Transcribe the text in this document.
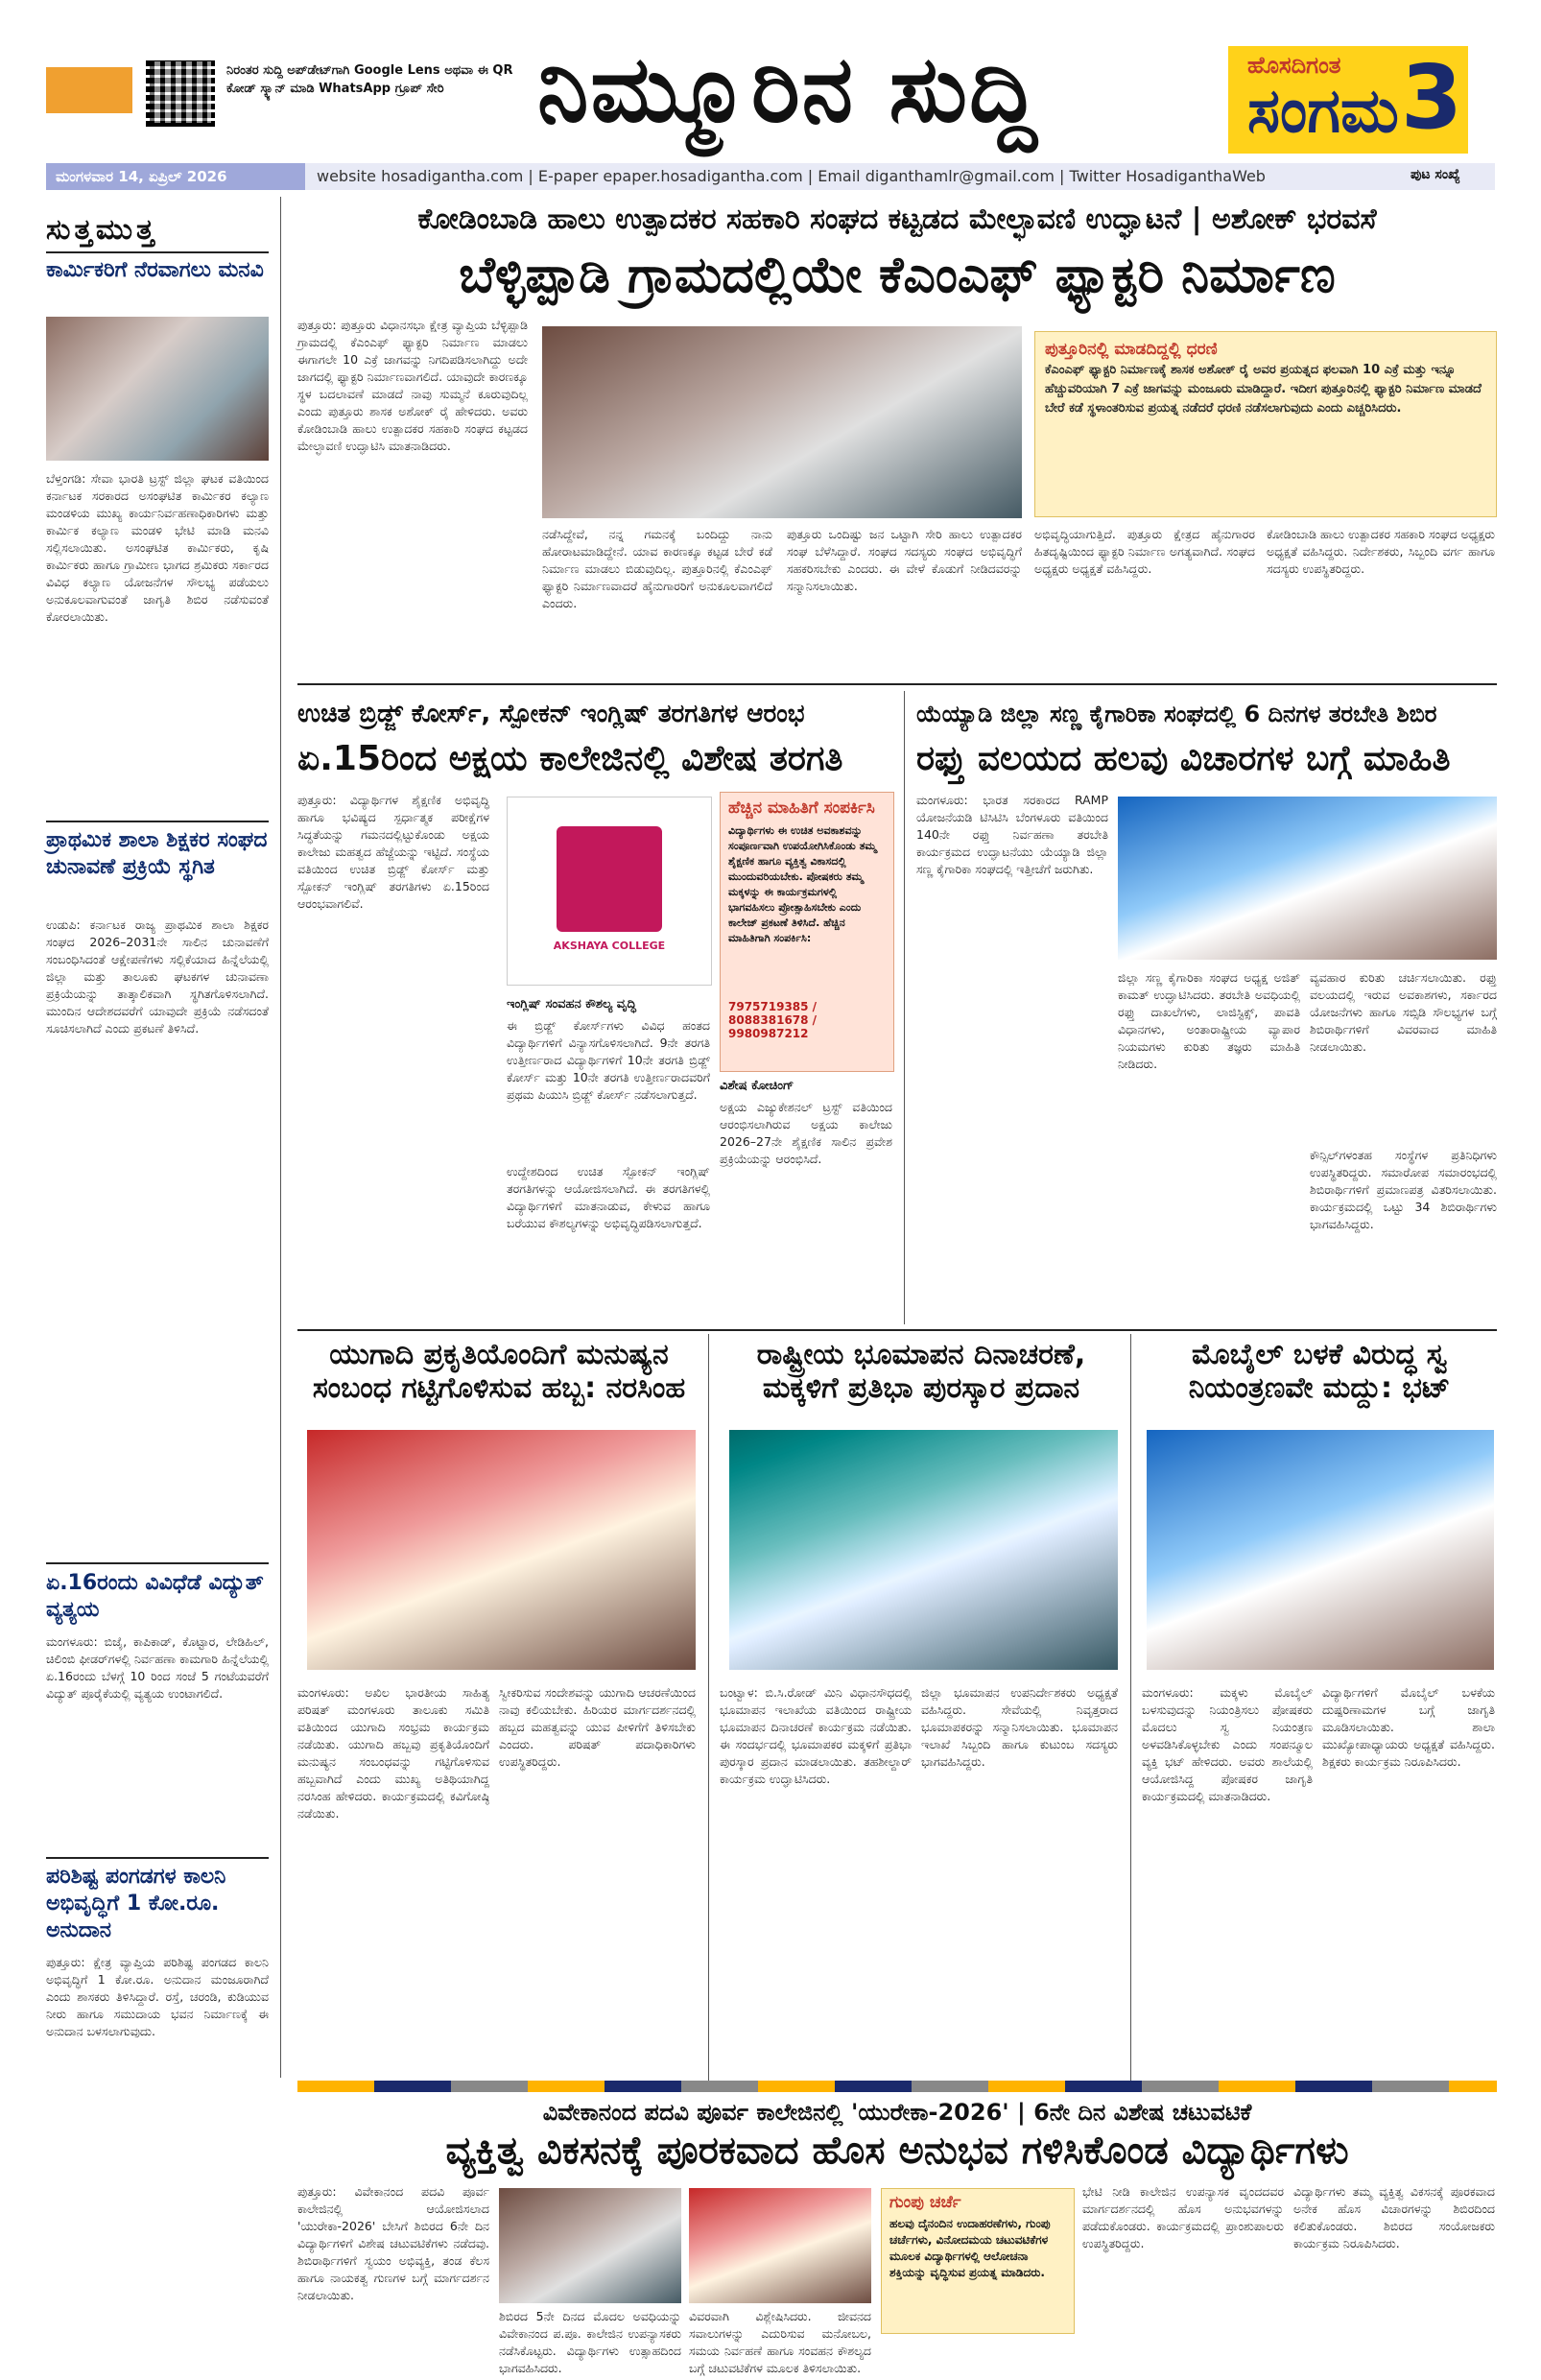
ನಿರಂತರ ಸುದ್ದಿ ಅಪ್‌ಡೇಟ್‌ಗಾಗಿ Google Lens ಅಥವಾ ಈ QR ಕೋಡ್ ಸ್ಕ್ಯಾನ್ ಮಾಡಿ WhatsApp ಗ್ರೂಪ್ ಸೇರಿ	ನಿಮ್ಮೂರಿನ ಸುದ್ದಿ	ಹೊಸದಿಗಂತ
ಸಂಗಮ 3
ಮಂಗಳವಾರ 14, ಏಪ್ರಿಲ್ 2026	website hosadigantha.com | E-paper epaper.hosadigantha.com | Email diganthamlr@gmail.com | Twitter HosadiganthaWeb	ಪುಟ ಸಂಖ್ಯೆ
ಸುತ್ತಮುತ್ತ
ಕಾರ್ಮಿಕರಿಗೆ ನೆರವಾಗಲು ಮನವಿ
ಬೆಳ್ತಂಗಡಿ: ಸೇವಾ ಭಾರತಿ ಟ್ರಸ್ಟ್ ಜಿಲ್ಲಾ ಘಟಕ ವತಿಯಿಂದ ಕರ್ನಾಟಕ ಸರಕಾರದ ಅಸಂಘಟಿತ ಕಾರ್ಮಿಕರ ಕಲ್ಯಾಣ ಮಂಡಳಿಯ ಮುಖ್ಯ ಕಾರ್ಯನಿರ್ವಹಣಾಧಿಕಾರಿಗಳು ಮತ್ತು ಕಾರ್ಮಿಕ ಕಲ್ಯಾಣ ಮಂಡಳಿ ಭೇಟಿ ಮಾಡಿ ಮನವಿ ಸಲ್ಲಿಸಲಾಯಿತು. ಅಸಂಘಟಿತ ಕಾರ್ಮಿಕರು, ಕೃಷಿ ಕಾರ್ಮಿಕರು ಹಾಗೂ ಗ್ರಾಮೀಣ ಭಾಗದ ಶ್ರಮಿಕರು ಸರ್ಕಾರದ ವಿವಿಧ ಕಲ್ಯಾಣ ಯೋಜನೆಗಳ ಸೌಲಭ್ಯ ಪಡೆಯಲು ಅನುಕೂಲವಾಗುವಂತೆ ಜಾಗೃತಿ ಶಿಬಿರ ನಡೆಸುವಂತೆ ಕೋರಲಾಯಿತು.
ಪ್ರಾಥಮಿಕ ಶಾಲಾ ಶಿಕ್ಷಕರ ಸಂಘದ ಚುನಾವಣೆ ಪ್ರಕ್ರಿಯೆ ಸ್ಥಗಿತ
ಉಡುಪಿ: ಕರ್ನಾಟಕ ರಾಜ್ಯ ಪ್ರಾಥಮಿಕ ಶಾಲಾ ಶಿಕ್ಷಕರ ಸಂಘದ 2026–2031ನೇ ಸಾಲಿನ ಚುನಾವಣೆಗೆ ಸಂಬಂಧಿಸಿದಂತೆ ಆಕ್ಷೇಪಣೆಗಳು ಸಲ್ಲಿಕೆಯಾದ ಹಿನ್ನೆಲೆಯಲ್ಲಿ ಜಿಲ್ಲಾ ಮತ್ತು ತಾಲೂಕು ಘಟಕಗಳ ಚುನಾವಣಾ ಪ್ರಕ್ರಿಯೆಯನ್ನು ತಾತ್ಕಾಲಿಕವಾಗಿ ಸ್ಥಗಿತಗೊಳಿಸಲಾಗಿದೆ. ಮುಂದಿನ ಆದೇಶದವರೆಗೆ ಯಾವುದೇ ಪ್ರಕ್ರಿಯೆ ನಡೆಸದಂತೆ ಸೂಚಿಸಲಾಗಿದೆ ಎಂದು ಪ್ರಕಟಣೆ ತಿಳಿಸಿದೆ.
ಏ.16ರಂದು ವಿವಿಧೆಡೆ ವಿದ್ಯುತ್ ವ್ಯತ್ಯಯ
ಮಂಗಳೂರು: ಬಿಜೈ, ಕಾಪಿಕಾಡ್, ಕೊಟ್ಟಾರ, ಲೇಡಿಹಿಲ್, ಚಿಲಿಂಬಿ ಫೀಡರ್‌ಗಳಲ್ಲಿ ನಿರ್ವಹಣಾ ಕಾಮಗಾರಿ ಹಿನ್ನೆಲೆಯಲ್ಲಿ ಏ.16ರಂದು ಬೆಳಗ್ಗೆ 10 ರಿಂದ ಸಂಜೆ 5 ಗಂಟೆಯವರೆಗೆ ವಿದ್ಯುತ್ ಪೂರೈಕೆಯಲ್ಲಿ ವ್ಯತ್ಯಯ ಉಂಟಾಗಲಿದೆ.
ಪರಿಶಿಷ್ಟ ಪಂಗಡಗಳ ಕಾಲನಿ ಅಭಿವೃದ್ಧಿಗೆ 1 ಕೋ.ರೂ. ಅನುದಾನ
ಪುತ್ತೂರು: ಕ್ಷೇತ್ರ ವ್ಯಾಪ್ತಿಯ ಪರಿಶಿಷ್ಟ ಪಂಗಡದ ಕಾಲನಿ ಅಭಿವೃದ್ಧಿಗೆ 1 ಕೋ.ರೂ. ಅನುದಾನ ಮಂಜೂರಾಗಿದೆ ಎಂದು ಶಾಸಕರು ತಿಳಿಸಿದ್ದಾರೆ. ರಸ್ತೆ, ಚರಂಡಿ, ಕುಡಿಯುವ ನೀರು ಹಾಗೂ ಸಮುದಾಯ ಭವನ ನಿರ್ಮಾಣಕ್ಕೆ ಈ ಅನುದಾನ ಬಳಸಲಾಗುವುದು.
ಕೋಡಿಂಬಾಡಿ ಹಾಲು ಉತ್ಪಾದಕರ ಸಹಕಾರಿ ಸಂಘದ ಕಟ್ಟಡದ ಮೇಲ್ಛಾವಣಿ ಉದ್ಘಾಟನೆ | ಅಶೋಕ್ ಭರವಸೆ
ಬೆಳ್ಳಿಪ್ಪಾಡಿ ಗ್ರಾಮದಲ್ಲಿಯೇ ಕೆಎಂಎಫ್ ಫ್ಯಾಕ್ಟರಿ ನಿರ್ಮಾಣ
ಪುತ್ತೂರು: ಪುತ್ತೂರು ವಿಧಾನಸಭಾ ಕ್ಷೇತ್ರ ವ್ಯಾಪ್ತಿಯ ಬೆಳ್ಳಿಪ್ಪಾಡಿ ಗ್ರಾಮದಲ್ಲಿ ಕೆಎಂಎಫ್ ಫ್ಯಾಕ್ಟರಿ ನಿರ್ಮಾಣ ಮಾಡಲು ಈಗಾಗಲೇ 10 ಎಕ್ರೆ ಜಾಗವನ್ನು ನಿಗದಿಪಡಿಸಲಾಗಿದ್ದು ಅದೇ ಜಾಗದಲ್ಲಿ ಫ್ಯಾಕ್ಟರಿ ನಿರ್ಮಾಣವಾಗಲಿದೆ. ಯಾವುದೇ ಕಾರಣಕ್ಕೂ ಸ್ಥಳ ಬದಲಾವಣೆ ಮಾಡದೆ ನಾವು ಸುಮ್ಮನೆ ಕೂರುವುದಿಲ್ಲ ಎಂದು ಪುತ್ತೂರು ಶಾಸಕ ಅಶೋಕ್ ರೈ ಹೇಳಿದರು. ಅವರು ಕೋಡಿಂಬಾಡಿ ಹಾಲು ಉತ್ಪಾದಕರ ಸಹಕಾರಿ ಸಂಘದ ಕಟ್ಟಡದ ಮೇಲ್ಛಾವಣಿ ಉದ್ಘಾಟಿಸಿ ಮಾತನಾಡಿದರು.
ನಡೆಸಿದ್ದೇವೆ, ನನ್ನ ಗಮನಕ್ಕೆ ಬಂದಿದ್ದು ನಾನು ಹೋರಾಟಮಾಡಿದ್ದೇನೆ. ಯಾವ ಕಾರಣಕ್ಕೂ ಕಟ್ಟಡ ಬೇರೆ ಕಡೆ ನಿರ್ಮಾಣ ಮಾಡಲು ಬಿಡುವುದಿಲ್ಲ. ಪುತ್ತೂರಿನಲ್ಲಿ ಕೆಎಂಎಫ್ ಫ್ಯಾಕ್ಟರಿ ನಿರ್ಮಾಣವಾದರೆ ಹೈನುಗಾರರಿಗೆ ಅನುಕೂಲವಾಗಲಿದೆ ಎಂದರು.
ಪುತ್ತೂರು ಒಂದಿಷ್ಟು ಜನ ಒಟ್ಟಾಗಿ ಸೇರಿ ಹಾಲು ಉತ್ಪಾದಕರ ಸಂಘ ಬೆಳೆಸಿದ್ದಾರೆ. ಸಂಘದ ಸದಸ್ಯರು ಸಂಘದ ಅಭಿವೃದ್ಧಿಗೆ ಸಹಕರಿಸಬೇಕು ಎಂದರು. ಈ ವೇಳೆ ಕೊಡುಗೆ ನೀಡಿದವರನ್ನು ಸನ್ಮಾನಿಸಲಾಯಿತು.
ಪುತ್ತೂರಿನಲ್ಲಿ ಮಾಡದಿದ್ದಲ್ಲಿ ಧರಣಿ
ಕೆಎಂಎಫ್ ಫ್ಯಾಕ್ಟರಿ ನಿರ್ಮಾಣಕ್ಕೆ ಶಾಸಕ ಅಶೋಕ್ ರೈ ಅವರ ಪ್ರಯತ್ನದ ಫಲವಾಗಿ 10 ಎಕ್ರೆ ಮತ್ತು ಇನ್ನೂ ಹೆಚ್ಚುವರಿಯಾಗಿ 7 ಎಕ್ರೆ ಜಾಗವನ್ನು ಮಂಜೂರು ಮಾಡಿದ್ದಾರೆ. ಇದೀಗ ಪುತ್ತೂರಿನಲ್ಲಿ ಫ್ಯಾಕ್ಟರಿ ನಿರ್ಮಾಣ ಮಾಡದೆ ಬೇರೆ ಕಡೆ ಸ್ಥಳಾಂತರಿಸುವ ಪ್ರಯತ್ನ ನಡೆದರೆ ಧರಣಿ ನಡೆಸಲಾಗುವುದು ಎಂದು ಎಚ್ಚರಿಸಿದರು.
ಅಭಿವೃದ್ಧಿಯಾಗುತ್ತಿದೆ. ಪುತ್ತೂರು ಕ್ಷೇತ್ರದ ಹೈನುಗಾರರ ಹಿತದೃಷ್ಟಿಯಿಂದ ಫ್ಯಾಕ್ಟರಿ ನಿರ್ಮಾಣ ಅಗತ್ಯವಾಗಿದೆ. ಸಂಘದ ಅಧ್ಯಕ್ಷರು ಅಧ್ಯಕ್ಷತೆ ವಹಿಸಿದ್ದರು.
ಕೋಡಿಂಬಾಡಿ ಹಾಲು ಉತ್ಪಾದಕರ ಸಹಕಾರಿ ಸಂಘದ ಅಧ್ಯಕ್ಷರು ಅಧ್ಯಕ್ಷತೆ ವಹಿಸಿದ್ದರು. ನಿರ್ದೇಶಕರು, ಸಿಬ್ಬಂದಿ ವರ್ಗ ಹಾಗೂ ಸದಸ್ಯರು ಉಪಸ್ಥಿತರಿದ್ದರು.
ಉಚಿತ ಬ್ರಿಡ್ಜ್ ಕೋರ್ಸ್, ಸ್ಪೋಕನ್ ಇಂಗ್ಲಿಷ್ ತರಗತಿಗಳ ಆರಂಭ
ಏ.15ರಿಂದ ಅಕ್ಷಯ ಕಾಲೇಜಿನಲ್ಲಿ ವಿಶೇಷ ತರಗತಿ
ಪುತ್ತೂರು: ವಿದ್ಯಾರ್ಥಿಗಳ ಶೈಕ್ಷಣಿಕ ಅಭಿವೃದ್ಧಿ ಹಾಗೂ ಭವಿಷ್ಯದ ಸ್ಪರ್ಧಾತ್ಮಕ ಪರೀಕ್ಷೆಗಳ ಸಿದ್ಧತೆಯನ್ನು ಗಮನದಲ್ಲಿಟ್ಟುಕೊಂಡು ಅಕ್ಷಯ ಕಾಲೇಜು ಮಹತ್ವದ ಹೆಜ್ಜೆಯನ್ನು ಇಟ್ಟಿದೆ. ಸಂಸ್ಥೆಯ ವತಿಯಿಂದ ಉಚಿತ ಬ್ರಿಡ್ಜ್ ಕೋರ್ಸ್ ಮತ್ತು ಸ್ಪೋಕನ್ ಇಂಗ್ಲಿಷ್ ತರಗತಿಗಳು ಏ.15ರಿಂದ ಆರಂಭವಾಗಲಿವೆ.
AKSHAYA COLLEGE
ಹೆಚ್ಚಿನ ಮಾಹಿತಿಗೆ ಸಂಪರ್ಕಿಸಿ
ವಿದ್ಯಾರ್ಥಿಗಳು ಈ ಉಚಿತ ಅವಕಾಶವನ್ನು ಸಂಪೂರ್ಣವಾಗಿ ಉಪಯೋಗಿಸಿಕೊಂಡು ತಮ್ಮ ಶೈಕ್ಷಣಿಕ ಹಾಗೂ ವ್ಯಕ್ತಿತ್ವ ವಿಕಾಸದಲ್ಲಿ ಮುಂದುವರಿಯಬೇಕು. ಪೋಷಕರು ತಮ್ಮ ಮಕ್ಕಳನ್ನು ಈ ಕಾರ್ಯಕ್ರಮಗಳಲ್ಲಿ ಭಾಗವಹಿಸಲು ಪ್ರೋತ್ಸಾಹಿಸಬೇಕು ಎಂದು ಕಾಲೇಜ್ ಪ್ರಕಟಣೆ ತಿಳಿಸಿದೆ. ಹೆಚ್ಚಿನ ಮಾಹಿತಿಗಾಗಿ ಸಂಪರ್ಕಿಸಿ:
7975719385 / 8088381678 / 9980987212
ಇಂಗ್ಲಿಷ್ ಸಂವಹನ ಕೌಶಲ್ಯ ವೃದ್ಧಿ
ಈ ಬ್ರಿಡ್ಜ್ ಕೋರ್ಸ್‌ಗಳು ವಿವಿಧ ಹಂತದ ವಿದ್ಯಾರ್ಥಿಗಳಿಗೆ ವಿನ್ಯಾಸಗೊಳಿಸಲಾಗಿದೆ. 9ನೇ ತರಗತಿ ಉತ್ತೀರ್ಣರಾದ ವಿದ್ಯಾರ್ಥಿಗಳಿಗೆ 10ನೇ ತರಗತಿ ಬ್ರಿಡ್ಜ್ ಕೋರ್ಸ್ ಮತ್ತು 10ನೇ ತರಗತಿ ಉತ್ತೀರ್ಣರಾದವರಿಗೆ ಪ್ರಥಮ ಪಿಯುಸಿ ಬ್ರಿಡ್ಜ್ ಕೋರ್ಸ್ ನಡೆಸಲಾಗುತ್ತದೆ.
ಉದ್ದೇಶದಿಂದ ಉಚಿತ ಸ್ಪೋಕನ್ ಇಂಗ್ಲಿಷ್ ತರಗತಿಗಳನ್ನು ಆಯೋಜಿಸಲಾಗಿದೆ. ಈ ತರಗತಿಗಳಲ್ಲಿ ವಿದ್ಯಾರ್ಥಿಗಳಿಗೆ ಮಾತನಾಡುವ, ಕೇಳುವ ಹಾಗೂ ಬರೆಯುವ ಕೌಶಲ್ಯಗಳನ್ನು ಅಭಿವೃದ್ಧಿಪಡಿಸಲಾಗುತ್ತದೆ.
ವಿಶೇಷ ಕೋಚಿಂಗ್
ಅಕ್ಷಯ ಎಜ್ಯುಕೇಶನಲ್ ಟ್ರಸ್ಟ್ ವತಿಯಿಂದ ಆರಂಭಿಸಲಾಗಿರುವ ಅಕ್ಷಯ ಕಾಲೇಜು 2026–27ನೇ ಶೈಕ್ಷಣಿಕ ಸಾಲಿನ ಪ್ರವೇಶ ಪ್ರಕ್ರಿಯೆಯನ್ನು ಆರಂಭಿಸಿದೆ.
ಯೆಯ್ಯಾಡಿ ಜಿಲ್ಲಾ ಸಣ್ಣ ಕೈಗಾರಿಕಾ ಸಂಘದಲ್ಲಿ 6 ದಿನಗಳ ತರಬೇತಿ ಶಿಬಿರ
ರಫ್ತು ವಲಯದ ಹಲವು ವಿಚಾರಗಳ ಬಗ್ಗೆ ಮಾಹಿತಿ
ಮಂಗಳೂರು: ಭಾರತ ಸರಕಾರದ RAMP ಯೋಜನೆಯಡಿ ಟಿಸಿಟಿಸಿ ಬೆಂಗಳೂರು ವತಿಯಿಂದ 140ನೇ ರಫ್ತು ನಿರ್ವಹಣಾ ತರಬೇತಿ ಕಾರ್ಯಕ್ರಮದ ಉದ್ಘಾಟನೆಯು ಯೆಯ್ಯಾಡಿ ಜಿಲ್ಲಾ ಸಣ್ಣ ಕೈಗಾರಿಕಾ ಸಂಘದಲ್ಲಿ ಇತ್ತೀಚೆಗೆ ಜರುಗಿತು.
ಜಿಲ್ಲಾ ಸಣ್ಣ ಕೈಗಾರಿಕಾ ಸಂಘದ ಅಧ್ಯಕ್ಷ ಅಜಿತ್ ಕಾಮತ್ ಉದ್ಘಾಟಿಸಿದರು. ತರಬೇತಿ ಅವಧಿಯಲ್ಲಿ ರಫ್ತು ದಾಖಲೆಗಳು, ಲಾಜಿಸ್ಟಿಕ್ಸ್, ಪಾವತಿ ವಿಧಾನಗಳು, ಅಂತಾರಾಷ್ಟ್ರೀಯ ವ್ಯಾಪಾರ ನಿಯಮಗಳು ಕುರಿತು ತಜ್ಞರು ಮಾಹಿತಿ ನೀಡಿದರು.
ವ್ಯವಹಾರ ಕುರಿತು ಚರ್ಚಿಸಲಾಯಿತು. ರಫ್ತು ವಲಯದಲ್ಲಿ ಇರುವ ಅವಕಾಶಗಳು, ಸರ್ಕಾರದ ಯೋಜನೆಗಳು ಹಾಗೂ ಸಬ್ಸಿಡಿ ಸೌಲಭ್ಯಗಳ ಬಗ್ಗೆ ಶಿಬಿರಾರ್ಥಿಗಳಿಗೆ ವಿವರವಾದ ಮಾಹಿತಿ ನೀಡಲಾಯಿತು.
ಕೌನ್ಸಿಲ್‌ಗಳಂತಹ ಸಂಸ್ಥೆಗಳ ಪ್ರತಿನಿಧಿಗಳು ಉಪಸ್ಥಿತರಿದ್ದರು. ಸಮಾರೋಪ ಸಮಾರಂಭದಲ್ಲಿ ಶಿಬಿರಾರ್ಥಿಗಳಿಗೆ ಪ್ರಮಾಣಪತ್ರ ವಿತರಿಸಲಾಯಿತು. ಕಾರ್ಯಕ್ರಮದಲ್ಲಿ ಒಟ್ಟು 34 ಶಿಬಿರಾರ್ಥಿಗಳು ಭಾಗವಹಿಸಿದ್ದರು.
ಯುಗಾದಿ ಪ್ರಕೃತಿಯೊಂದಿಗೆ ಮನುಷ್ಯನ ಸಂಬಂಧ ಗಟ್ಟಿಗೊಳಿಸುವ ಹಬ್ಬ: ನರಸಿಂಹ
ಮಂಗಳೂರು: ಅಖಿಲ ಭಾರತೀಯ ಸಾಹಿತ್ಯ ಪರಿಷತ್ ಮಂಗಳೂರು ತಾಲೂಕು ಸಮಿತಿ ವತಿಯಿಂದ ಯುಗಾದಿ ಸಂಭ್ರಮ ಕಾರ್ಯಕ್ರಮ ನಡೆಯಿತು. ಯುಗಾದಿ ಹಬ್ಬವು ಪ್ರಕೃತಿಯೊಂದಿಗೆ ಮನುಷ್ಯನ ಸಂಬಂಧವನ್ನು ಗಟ್ಟಿಗೊಳಿಸುವ ಹಬ್ಬವಾಗಿದೆ ಎಂದು ಮುಖ್ಯ ಅತಿಥಿಯಾಗಿದ್ದ ನರಸಿಂಹ ಹೇಳಿದರು. ಕಾರ್ಯಕ್ರಮದಲ್ಲಿ ಕವಿಗೋಷ್ಠಿ ನಡೆಯಿತು.
ಸ್ವೀಕರಿಸುವ ಸಂದೇಶವನ್ನು ಯುಗಾದಿ ಆಚರಣೆಯಿಂದ ನಾವು ಕಲಿಯಬೇಕು. ಹಿರಿಯರ ಮಾರ್ಗದರ್ಶನದಲ್ಲಿ ಹಬ್ಬದ ಮಹತ್ವವನ್ನು ಯುವ ಪೀಳಿಗೆಗೆ ತಿಳಿಸಬೇಕು ಎಂದರು. ಪರಿಷತ್ ಪದಾಧಿಕಾರಿಗಳು ಉಪಸ್ಥಿತರಿದ್ದರು.
ರಾಷ್ಟ್ರೀಯ ಭೂಮಾಪನ ದಿನಾಚರಣೆ, ಮಕ್ಕಳಿಗೆ ಪ್ರತಿಭಾ ಪುರಸ್ಕಾರ ಪ್ರದಾನ
ಬಂಟ್ವಾಳ: ಬಿ.ಸಿ.ರೋಡ್ ಮಿನಿ ವಿಧಾನಸೌಧದಲ್ಲಿ ಭೂಮಾಪನ ಇಲಾಖೆಯ ವತಿಯಿಂದ ರಾಷ್ಟ್ರೀಯ ಭೂಮಾಪನ ದಿನಾಚರಣೆ ಕಾರ್ಯಕ್ರಮ ನಡೆಯಿತು. ಈ ಸಂದರ್ಭದಲ್ಲಿ ಭೂಮಾಪಕರ ಮಕ್ಕಳಿಗೆ ಪ್ರತಿಭಾ ಪುರಸ್ಕಾರ ಪ್ರದಾನ ಮಾಡಲಾಯಿತು. ತಹಶೀಲ್ದಾರ್ ಕಾರ್ಯಕ್ರಮ ಉದ್ಘಾಟಿಸಿದರು.
ಜಿಲ್ಲಾ ಭೂಮಾಪನ ಉಪನಿರ್ದೇಶಕರು ಅಧ್ಯಕ್ಷತೆ ವಹಿಸಿದ್ದರು. ಸೇವೆಯಲ್ಲಿ ನಿವೃತ್ತರಾದ ಭೂಮಾಪಕರನ್ನು ಸನ್ಮಾನಿಸಲಾಯಿತು. ಭೂಮಾಪನ ಇಲಾಖೆ ಸಿಬ್ಬಂದಿ ಹಾಗೂ ಕುಟುಂಬ ಸದಸ್ಯರು ಭಾಗವಹಿಸಿದ್ದರು.
ಮೊಬೈಲ್ ಬಳಕೆ ವಿರುದ್ಧ ಸ್ವ ನಿಯಂತ್ರಣವೇ ಮದ್ದು: ಭಟ್
ಮಂಗಳೂರು: ಮಕ್ಕಳು ಮೊಬೈಲ್ ಬಳಸುವುದನ್ನು ನಿಯಂತ್ರಿಸಲು ಪೋಷಕರು ಮೊದಲು ಸ್ವ ನಿಯಂತ್ರಣ ಅಳವಡಿಸಿಕೊಳ್ಳಬೇಕು ಎಂದು ಸಂಪನ್ಮೂಲ ವ್ಯಕ್ತಿ ಭಟ್ ಹೇಳಿದರು. ಅವರು ಶಾಲೆಯಲ್ಲಿ ಆಯೋಜಿಸಿದ್ದ ಪೋಷಕರ ಜಾಗೃತಿ ಕಾರ್ಯಕ್ರಮದಲ್ಲಿ ಮಾತನಾಡಿದರು.
ವಿದ್ಯಾರ್ಥಿಗಳಿಗೆ ಮೊಬೈಲ್ ಬಳಕೆಯ ದುಷ್ಪರಿಣಾಮಗಳ ಬಗ್ಗೆ ಜಾಗೃತಿ ಮೂಡಿಸಲಾಯಿತು. ಶಾಲಾ ಮುಖ್ಯೋಪಾಧ್ಯಾಯರು ಅಧ್ಯಕ್ಷತೆ ವಹಿಸಿದ್ದರು. ಶಿಕ್ಷಕರು ಕಾರ್ಯಕ್ರಮ ನಿರೂಪಿಸಿದರು.
ವಿವೇಕಾನಂದ ಪದವಿ ಪೂರ್ವ ಕಾಲೇಜಿನಲ್ಲಿ 'ಯುರೇಕಾ-2026' | 6ನೇ ದಿನ ವಿಶೇಷ ಚಟುವಟಿಕೆ
ವ್ಯಕ್ತಿತ್ವ ವಿಕಸನಕ್ಕೆ ಪೂರಕವಾದ ಹೊಸ ಅನುಭವ ಗಳಿಸಿಕೊಂಡ ವಿದ್ಯಾರ್ಥಿಗಳು
ಪುತ್ತೂರು: ವಿವೇಕಾನಂದ ಪದವಿ ಪೂರ್ವ ಕಾಲೇಜಿನಲ್ಲಿ ಆಯೋಜಿಸಲಾದ 'ಯುರೇಕಾ-2026' ಬೇಸಿಗೆ ಶಿಬಿರದ 6ನೇ ದಿನ ವಿದ್ಯಾರ್ಥಿಗಳಿಗೆ ವಿಶೇಷ ಚಟುವಟಿಕೆಗಳು ನಡೆದವು. ಶಿಬಿರಾರ್ಥಿಗಳಿಗೆ ಸ್ವಯಂ ಅಭಿವ್ಯಕ್ತಿ, ತಂಡ ಕೆಲಸ ಹಾಗೂ ನಾಯಕತ್ವ ಗುಣಗಳ ಬಗ್ಗೆ ಮಾರ್ಗದರ್ಶನ ನೀಡಲಾಯಿತು.
ಶಿಬಿರದ 5ನೇ ದಿನದ ಮೊದಲ ಅವಧಿಯನ್ನು ವಿವೇಕಾನಂದ ಪ.ಪೂ. ಕಾಲೇಜಿನ ಉಪನ್ಯಾಸಕರು ನಡೆಸಿಕೊಟ್ಟರು. ವಿದ್ಯಾರ್ಥಿಗಳು ಉತ್ಸಾಹದಿಂದ ಭಾಗವಹಿಸಿದರು.
ವಿವರವಾಗಿ ವಿಶ್ಲೇಷಿಸಿದರು. ಜೀವನದ ಸವಾಲುಗಳನ್ನು ಎದುರಿಸುವ ಮನೋಬಲ, ಸಮಯ ನಿರ್ವಹಣೆ ಹಾಗೂ ಸಂವಹನ ಕೌಶಲ್ಯದ ಬಗ್ಗೆ ಚಟುವಟಿಕೆಗಳ ಮೂಲಕ ತಿಳಿಸಲಾಯಿತು.
ಗುಂಪು ಚರ್ಚೆ
ಹಲವು ದೈನಂದಿನ ಉದಾಹರಣೆಗಳು, ಗುಂಪು ಚರ್ಚೆಗಳು, ವಿನೋದಮಯ ಚಟುವಟಿಕೆಗಳ ಮೂಲಕ ವಿದ್ಯಾರ್ಥಿಗಳಲ್ಲಿ ಆಲೋಚನಾ ಶಕ್ತಿಯನ್ನು ವೃದ್ಧಿಸುವ ಪ್ರಯತ್ನ ಮಾಡಿದರು.
ಭೇಟಿ ನೀಡಿ ಕಾಲೇಜಿನ ಉಪನ್ಯಾಸಕ ವೃಂದದವರ ಮಾರ್ಗದರ್ಶನದಲ್ಲಿ ಹೊಸ ಅನುಭವಗಳನ್ನು ಪಡೆದುಕೊಂಡರು. ಕಾರ್ಯಕ್ರಮದಲ್ಲಿ ಪ್ರಾಂಶುಪಾಲರು ಉಪಸ್ಥಿತರಿದ್ದರು.
ವಿದ್ಯಾರ್ಥಿಗಳು ತಮ್ಮ ವ್ಯಕ್ತಿತ್ವ ವಿಕಸನಕ್ಕೆ ಪೂರಕವಾದ ಅನೇಕ ಹೊಸ ವಿಚಾರಗಳನ್ನು ಶಿಬಿರದಿಂದ ಕಲಿತುಕೊಂಡರು. ಶಿಬಿರದ ಸಂಯೋಜಕರು ಕಾರ್ಯಕ್ರಮ ನಿರೂಪಿಸಿದರು.
